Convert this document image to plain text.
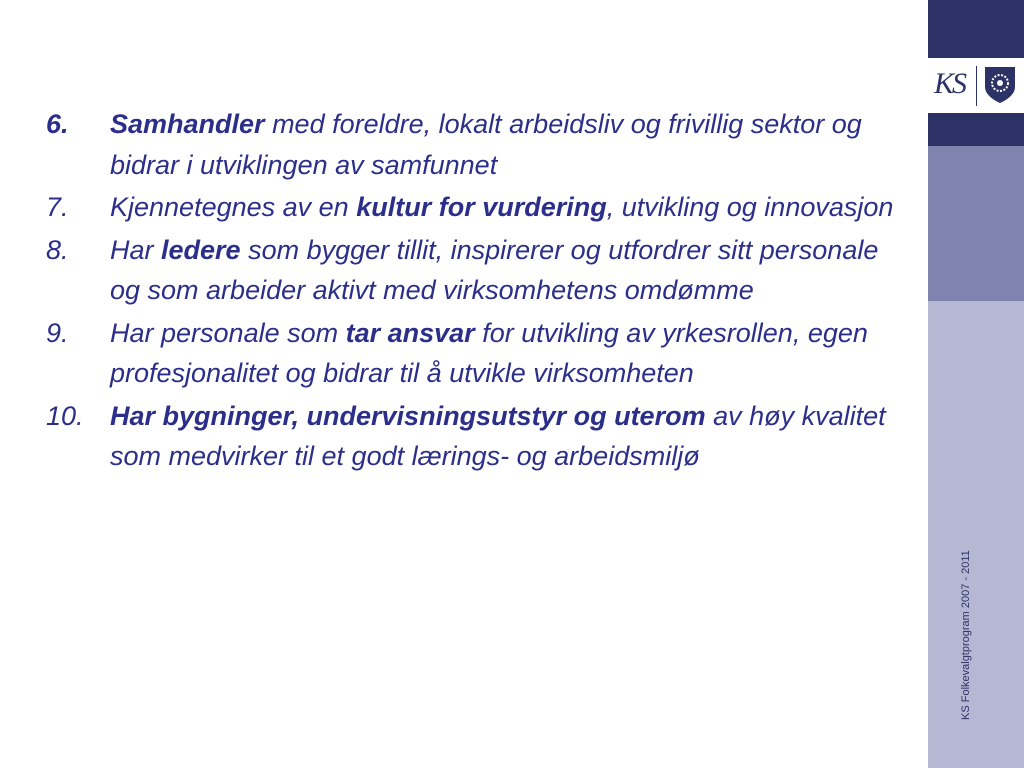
6.	Samhandler med foreldre, lokalt arbeidsliv og frivillig sektor og bidrar i utviklingen av samfunnet
7.	Kjennetegnes av en kultur for vurdering, utvikling og innovasjon
8.	Har ledere som bygger tillit, inspirerer og utfordrer sitt personale og som arbeider aktivt med virksomhetens omdømme
9.	Har personale som tar ansvar for utvikling av yrkesrollen, egen profesjonalitet og bidrar til å utvikle virksomheten
10. Har bygninger, undervisningsutstyr og uterom av høy kvalitet som medvirker til et godt lærings- og arbeidsmiljø
KS
KS Folkevalgtprogram 2007 - 2011
